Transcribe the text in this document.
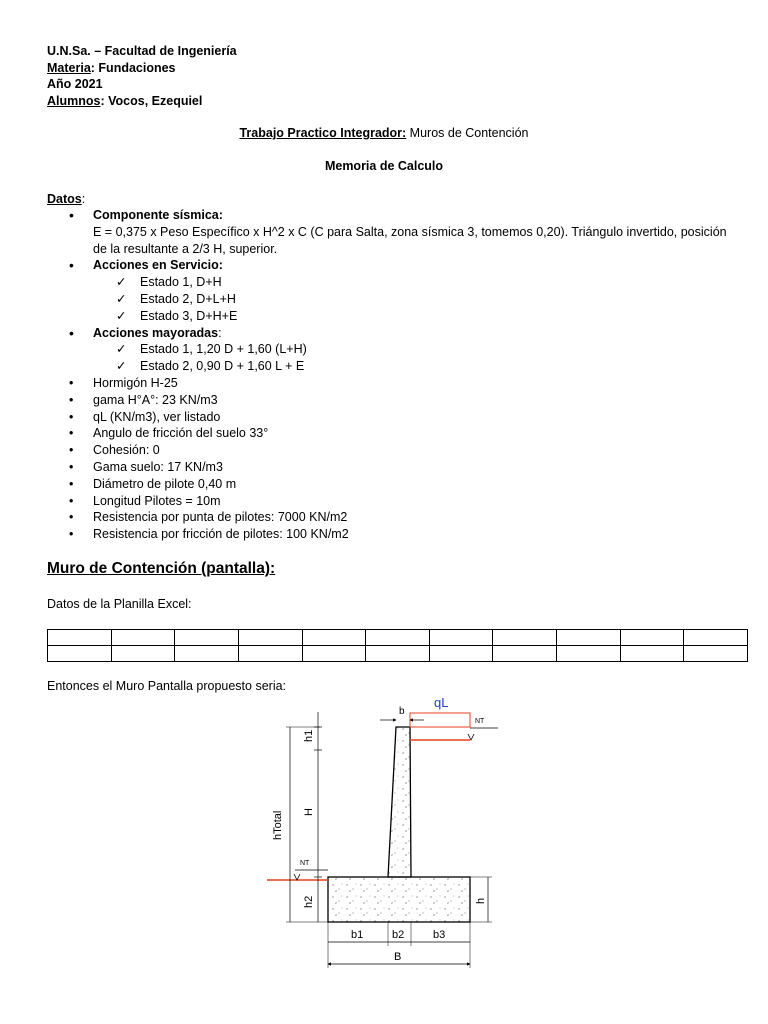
U.N.Sa. – Facultad de Ingeniería
Materia: Fundaciones
Año 2021
Alumnos: Vocos, Ezequiel
Trabajo Practico Integrador: Muros de Contención
Memoria de Calculo
Datos:
• Componente sísmica:
E = 0,375 x Peso Específico x H^2 x C (C para Salta, zona sísmica 3, tomemos 0,20). Triángulo invertido, posición de la resultante a 2/3 H, superior.
• Acciones en Servicio:
✓ Estado 1, D+H
✓ Estado 2, D+L+H
✓ Estado 3, D+H+E
• Acciones mayoradas:
✓ Estado 1, 1,20 D + 1,60 (L+H)
✓ Estado 2, 0,90 D + 1,60 L + E
• Hormigón H-25
• gama H°A°: 23 KN/m3
• qL (KN/m3), ver listado
• Angulo de fricción del suelo 33°
• Cohesión: 0
• Gama suelo: 17 KN/m3
• Diámetro de pilote 0,40 m
• Longitud Pilotes = 10m
• Resistencia por punta de pilotes: 7000 KN/m2
• Resistencia por fricción de pilotes: 100 KN/m2
Muro de Contención (pantalla):
Datos de la Planilla Excel:

Entonces el Muro Pantalla propuesto seria:
qL
NT
b
NT
hTotal
h1
H
h2	h
b1	b2	b3
B
